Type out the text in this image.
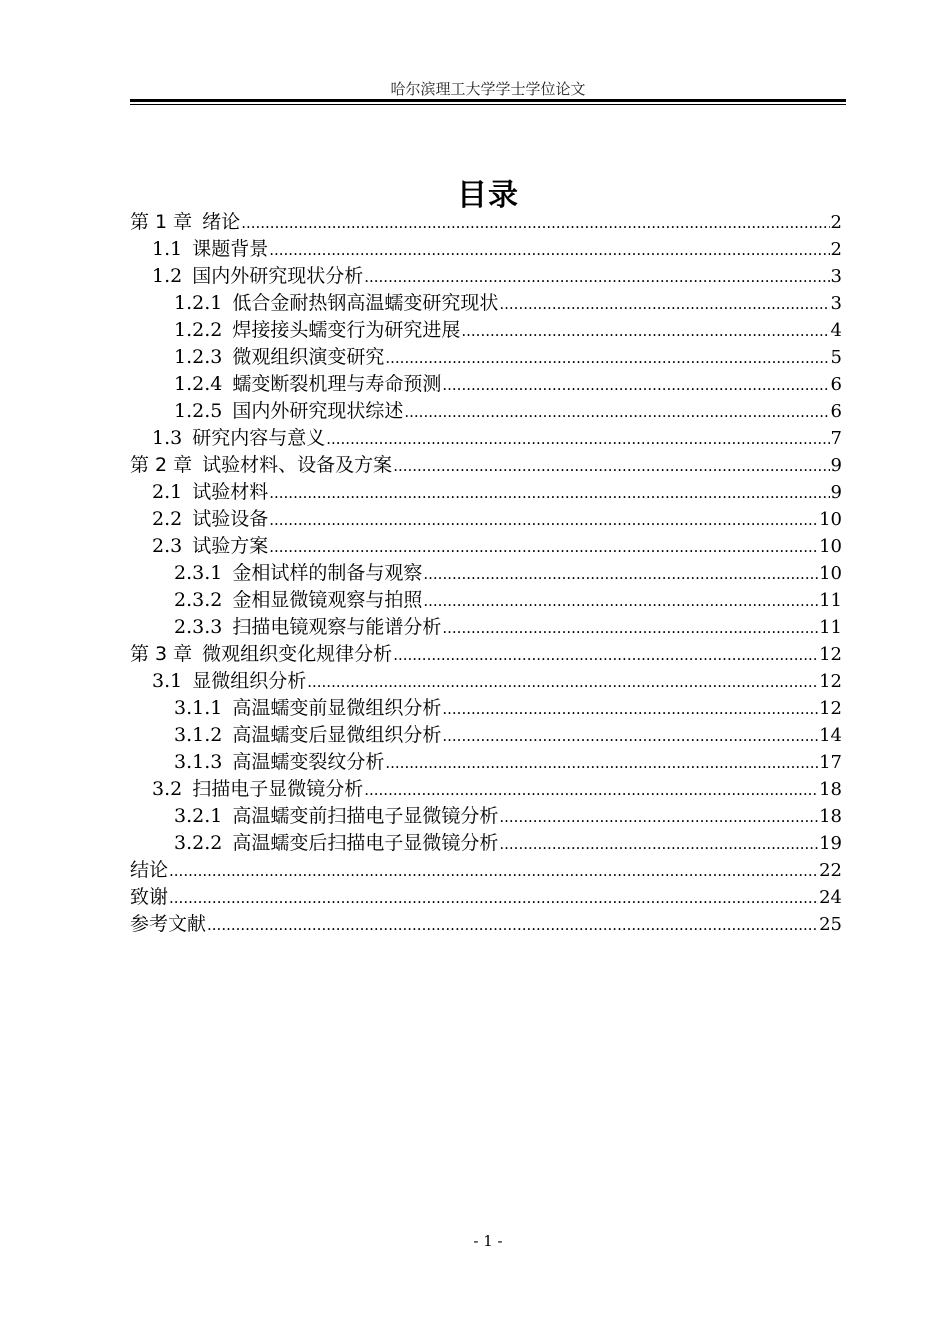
哈尔滨理工大学学士学位论文
目录
第 1 章 绪论 .....	2
1.1 课题背景 .....	2
1.2 国内外研究现状分析 .....	3
1.2.1 低合金耐热钢高温蠕变研究现状 .....	3
1.2.2 焊接接头蠕变行为研究进展 .....	4
1.2.3 微观组织演变研究 .....	5
1.2.4 蠕变断裂机理与寿命预测 .....	6
1.2.5 国内外研究现状综述 .....	6
1.3 研究内容与意义 .....	7
第 2 章 试验材料、设备及方案 .....	9
2.1 试验材料 .....	9
2.2 试验设备 .....	10
2.3 试验方案 .....	10
2.3.1 金相试样的制备与观察 .....	10
2.3.2 金相显微镜观察与拍照 .....	11
2.3.3 扫描电镜观察与能谱分析 .....	11
第 3 章 微观组织变化规律分析 .....	12
3.1 显微组织分析 .....	12
3.1.1 高温蠕变前显微组织分析 .....	12
3.1.2 高温蠕变后显微组织分析 .....	14
3.1.3 高温蠕变裂纹分析 .....	17
3.2 扫描电子显微镜分析 .....	18
3.2.1 高温蠕变前扫描电子显微镜分析 .....	18
3.2.2 高温蠕变后扫描电子显微镜分析 .....	19
结论 .....	22
致谢 .....	24
参考文献 .....	25
- 1 -
